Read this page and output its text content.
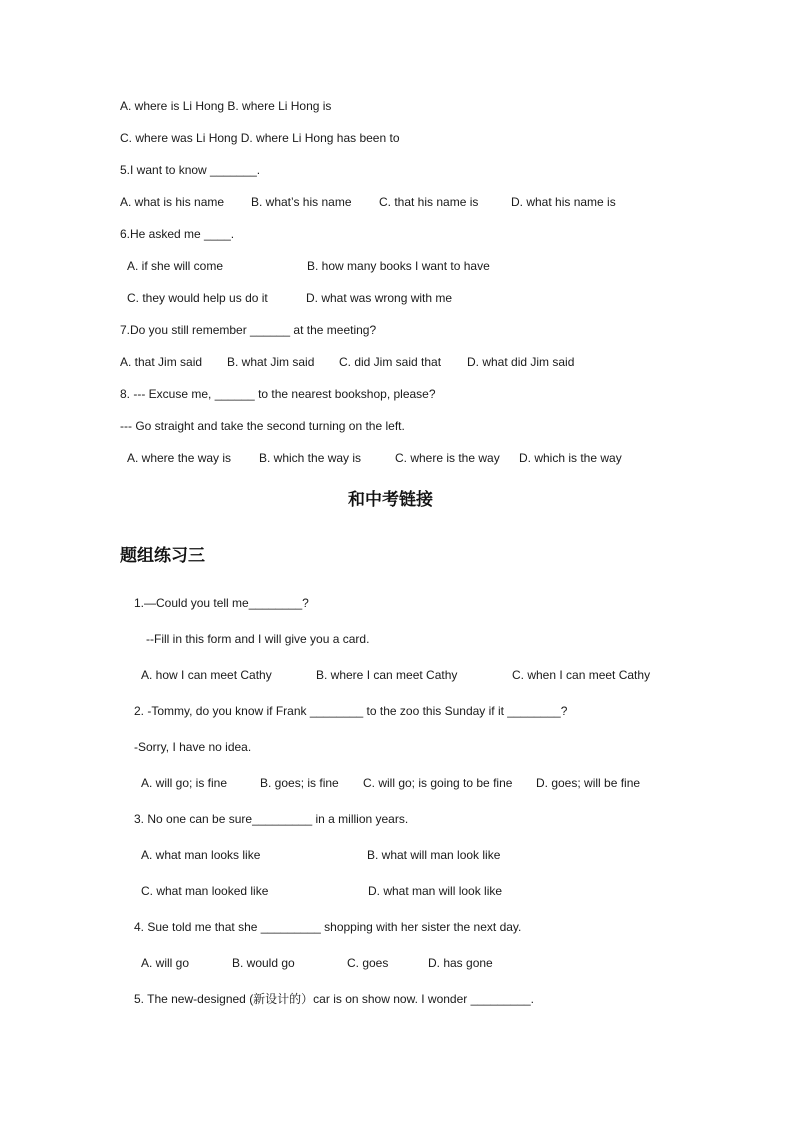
A. where is Li Hong B. where Li Hong is
C. where was Li Hong D. where Li Hong has been to
5.I want to know _______.
A. what is his name B. what’s his name C. that his name is	D. what his name is
6.He asked me ____.
A. if she will come	B. how many books I want to have
C. they would help us do it	D. what was wrong with me
7.Do you still remember ______ at the meeting?
A. that Jim said B. what Jim said C. did Jim said that D. what did Jim said
8. --- Excuse me, ______ to the nearest bookshop, please?
--- Go straight and take the second turning on the left.
A. where the way is B. which the way is	C. where is the way D. which is the way
和中考链接
题组练习三
1.—Could you tell me________?
--Fill in this form and I will give you a card.
A. how I can meet Cathy	B. where I can meet Cathy	C. when I can meet Cathy
2. -Tommy, do you know if Frank ________ to the zoo this Sunday if it ________?
-Sorry, I have no idea.
A. will go; is fine	B. goes; is fine C. will go; is going to be fine D. goes; will be fine
3. No one can be sure_________ in a million years.
A. what man looks like	B. what will man look like
C. what man looked like	D. what man will look like
4. Sue told me that she _________ shopping with her sister the next day.
A. will go	B. would go	C. goes	D. has gone
5. The new-designed (新设计的）car is on show now. I wonder _________.
